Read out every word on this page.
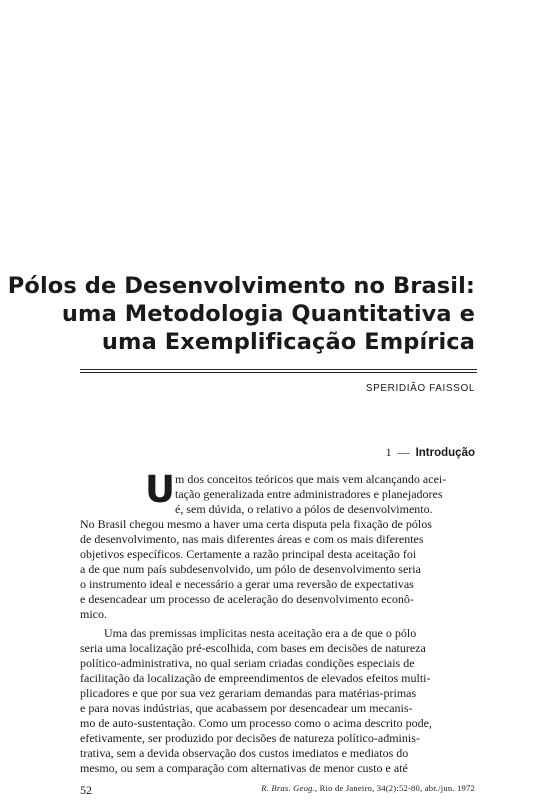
Pólos de Desenvolvimento no Brasil:
uma Metodologia Quantitativa e
uma Exemplificação Empírica
SPERIDIÃO FAISSOL
1 — Introdução
U m dos conceitos teóricos que mais vem alcançando acei-
tação generalizada entre administradores e planejadores
é, sem dúvida, o relativo a pólos de desenvolvimento.
No Brasil chegou mesmo a haver uma certa disputa pela fixação de pólos
de desenvolvimento, nas mais diferentes áreas e com os mais diferentes
objetivos específicos. Certamente a razão principal desta aceitação foi
a de que num país subdesenvolvido, um pólo de desenvolvimento seria
o instrumento ideal e necessário a gerar uma reversão de expectativas
e desencadear um processo de aceleração do desenvolvimento econô-
mico.
Uma das premissas implícitas nesta aceitação era a de que o pólo
seria uma localização pré-escolhida, com bases em decisões de natureza
político-administrativa, no qual seriam criadas condições especiais de
facilitação da localização de empreendimentos de elevados efeitos multi-
plicadores e que por sua vez gerariam demandas para matérias-primas
e para novas indústrias, que acabassem por desencadear um mecanis-
mo de auto-sustentação. Como um processo como o acima descrito pode,
efetivamente, ser produzido por decisões de natureza político-adminis-
trativa, sem a devida observação dos custos imediatos e mediatos do
mesmo, ou sem a comparação com alternativas de menor custo e até
52	R. Bras. Geog., Rio de Janeiro, 34(2):52-80, abr./jun. 1972
